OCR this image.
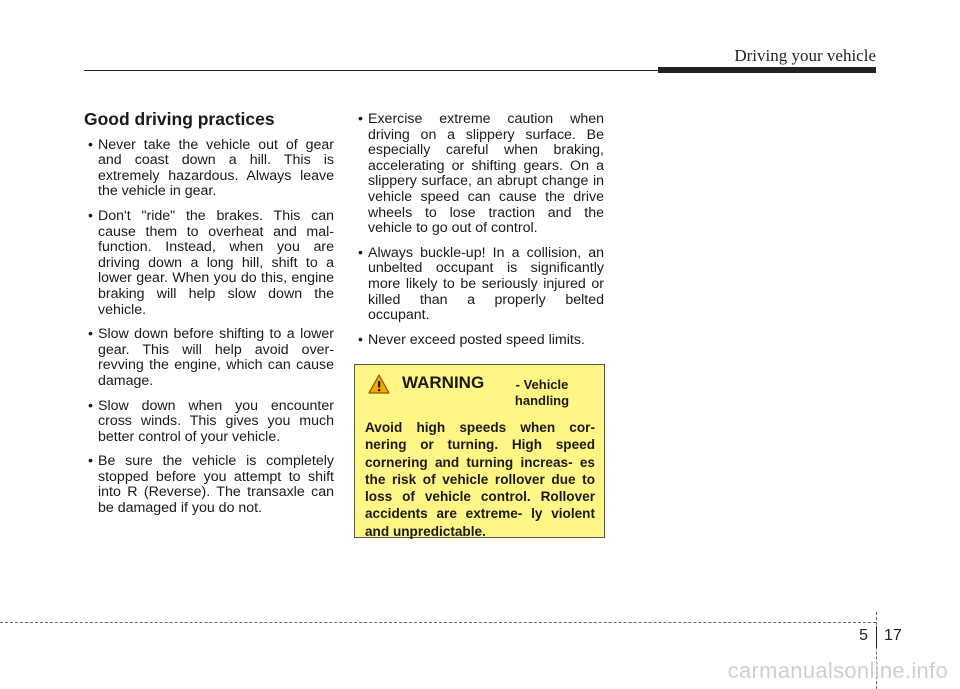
Driving your vehicle
Good driving practices
• Never take the vehicle out of gear and coast down a hill. This is extremely hazardous. Always leave the vehicle in gear.
• Don't "ride" the brakes. This can cause them to overheat and mal- function. Instead, when you are driving down a long hill, shift to a lower gear. When you do this, engine braking will help slow down the vehicle.
• Slow down before shifting to a lower gear. This will help avoid over-revving the engine, which can cause damage.
• Slow down when you encounter cross winds. This gives you much better control of your vehicle.
• Be sure the vehicle is completely stopped before you attempt to shift into R (Reverse). The transaxle can be damaged if you do not.
• Exercise extreme caution when driving on a slippery surface. Be especially careful when braking, accelerating or shifting gears. On a slippery surface, an abrupt change in vehicle speed can cause the drive wheels to lose traction and the vehicle to go out of control.
• Always buckle-up! In a collision, an unbelted occupant is significantly more likely to be seriously injured or killed than a properly belted occupant.
• Never exceed posted speed limits.
WARNING	- Vehicle
handling
Avoid high speeds when cor- nering or turning. High speed cornering and turning increas- es the risk of vehicle rollover due to loss of vehicle control. Rollover accidents are extreme- ly violent and unpredictable.
5 17
carmanualsonline.info
